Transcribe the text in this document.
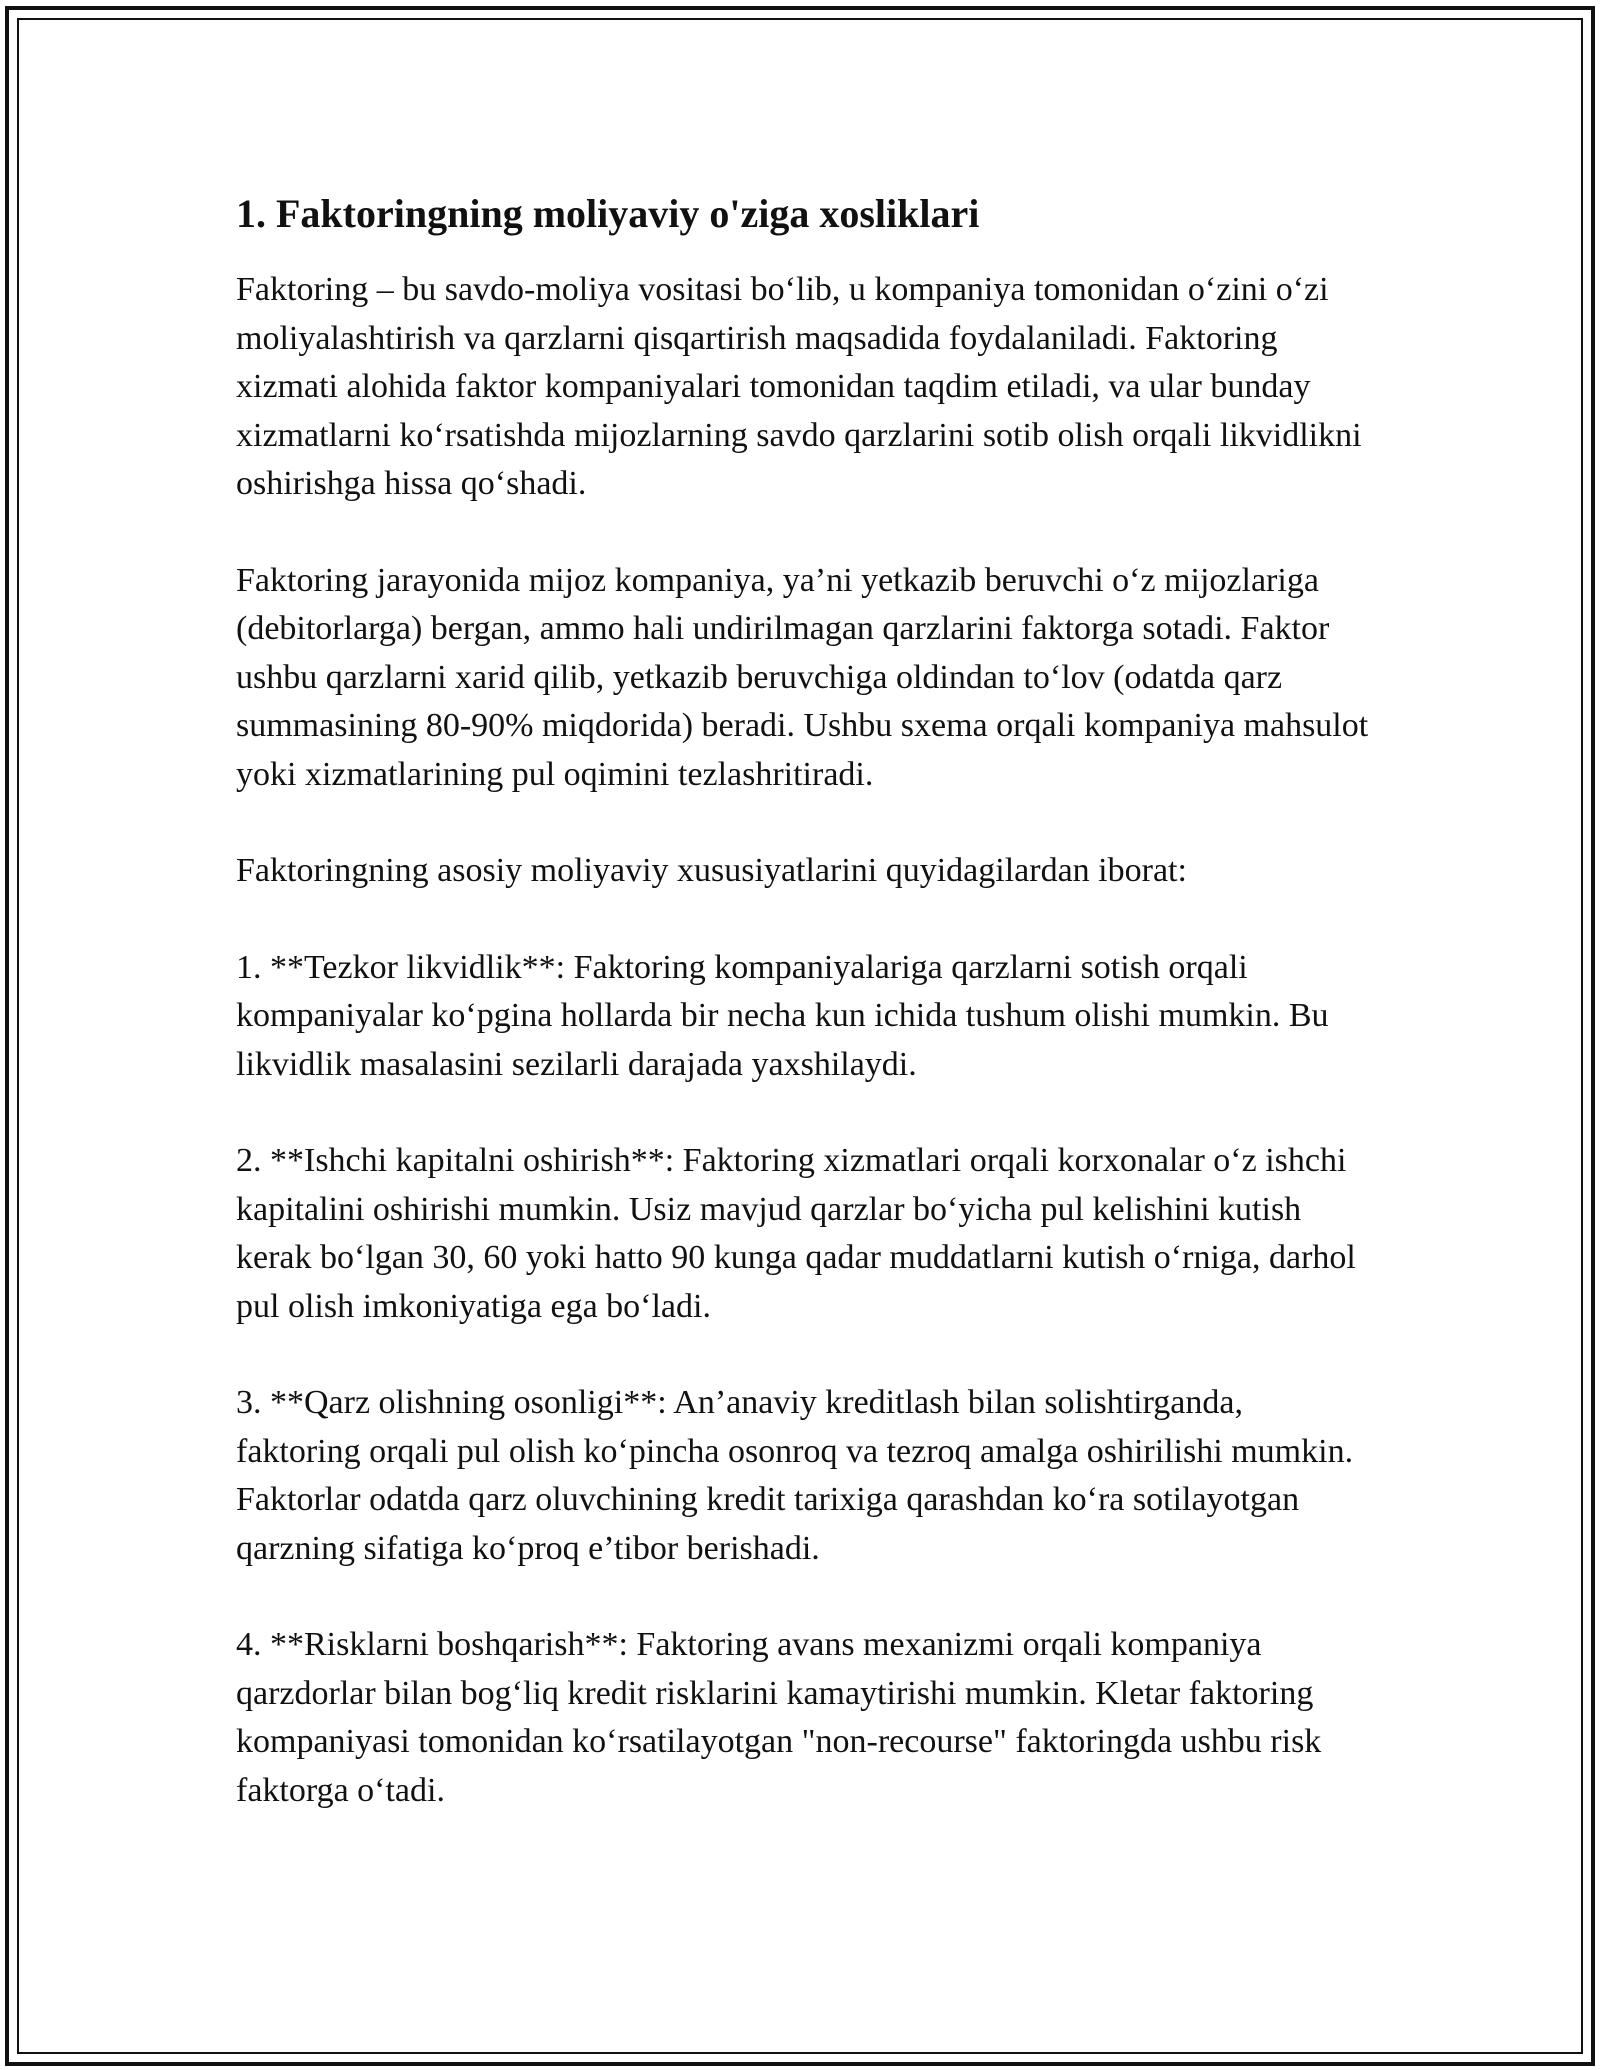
1. Faktoringning moliyaviy o'ziga xosliklari

Faktoring – bu savdo-moliya vositasi bo‘lib, u kompaniya tomonidan o‘zini o‘zi moliyalashtirish va qarzlarni qisqartirish maqsadida foydalaniladi. Faktoring xizmati alohida faktor kompaniyalari tomonidan taqdim etiladi, va ular bunday xizmatlarni ko‘rsatishda mijozlarning savdo qarzlarini sotib olish orqali likvidlikni oshirishga hissa qo‘shadi.

Faktoring jarayonida mijoz kompaniya, ya’ni yetkazib beruvchi o‘z mijozlariga (debitorlarga) bergan, ammo hali undirilmagan qarzlarini faktorga sotadi. Faktor ushbu qarzlarni xarid qilib, yetkazib beruvchiga oldindan to‘lov (odatda qarz summasining 80-90% miqdorida) beradi. Ushbu sxema orqali kompaniya mahsulot yoki xizmatlarining pul oqimini tezlashritiradi.

Faktoringning asosiy moliyaviy xususiyatlarini quyidagilardan iborat:

1. **Tezkor likvidlik**: Faktoring kompaniyalariga qarzlarni sotish orqali kompaniyalar ko‘pgina hollarda bir necha kun ichida tushum olishi mumkin. Bu likvidlik masalasini sezilarli darajada yaxshilaydi.

2. **Ishchi kapitalni oshirish**: Faktoring xizmatlari orqali korxonalar o‘z ishchi kapitalini oshirishi mumkin. Usiz mavjud qarzlar bo‘yicha pul kelishini kutish kerak bo‘lgan 30, 60 yoki hatto 90 kunga qadar muddatlarni kutish o‘rniga, darhol pul olish imkoniyatiga ega bo‘ladi.

3. **Qarz olishning osonligi**: An’anaviy kreditlash bilan solishtirganda, faktoring orqali pul olish ko‘pincha osonroq va tezroq amalga oshirilishi mumkin. Faktorlar odatda qarz oluvchining kredit tarixiga qarashdan ko‘ra sotilayotgan qarzning sifatiga ko‘proq e’tibor berishadi.

4. **Risklarni boshqarish**: Faktoring avans mexanizmi orqali kompaniya qarzdorlar bilan bog‘liq kredit risklarini kamaytirishi mumkin. Kletar faktoring kompaniyasi tomonidan ko‘rsatilayotgan "non-recourse" faktoringda ushbu risk faktorga o‘tadi.
